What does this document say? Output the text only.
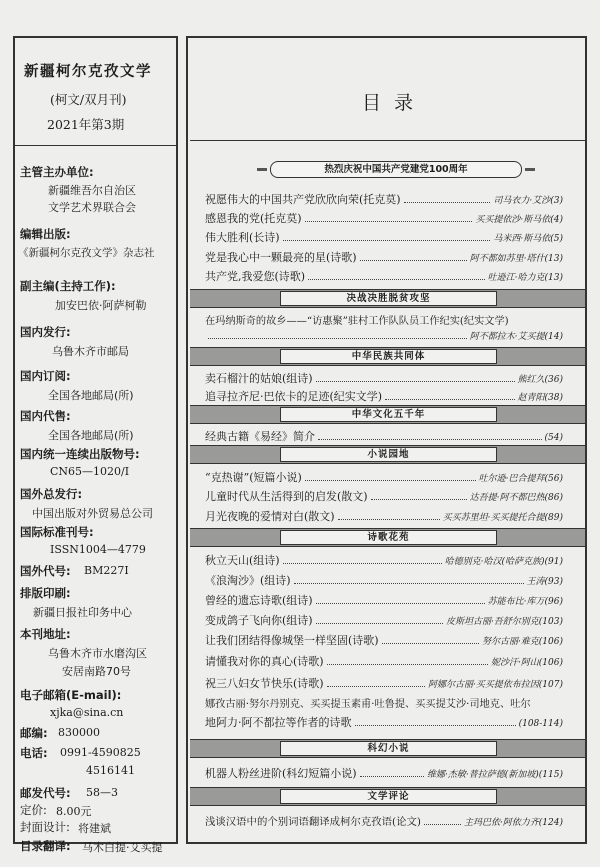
新疆柯尔克孜文学
(柯文/双月刊)
2021年第3期
主管主办单位:
新疆维吾尔自治区
文学艺术界联合会
编辑出版:
《新疆柯尔克孜文学》杂志社
副主编(主持工作):
加安巴依·阿萨柯勒
国内发行:
乌鲁木齐市邮局
国内订阅:
全国各地邮局(所)
国内代售:
全国各地邮局(所)
国内统一连续出版物号:
CN65—1020/I
国外总发行:
中国出版对外贸易总公司
国际标准刊号:
ISSN1004—4779
国外代号: BM227I
排版印刷:
新疆日报社印务中心
本刊地址:
乌鲁木齐市水磨沟区
安居南路70号
电子邮箱(E-mail):
xjka@sina.cn
邮编: 830000
电话: 0991-4590825
4516141
邮发代号: 58—3
定价: 8.00元
封面设计: 将建斌
目录翻译: 马木白提·艾买提
目录
热烈庆祝中国共产党建党100周年
决战决胜脱贫攻坚
中华民族共同体
中华文化五千年
小说园地
诗歌花苑
科幻小说
文学评论
祝愿伟大的中国共产党欣欣向荣(托克莫)	司马衣力·艾沙(3)
感恩我的党(托克莫)	买买提依沙·斯马依(4)
伟大胜利(长诗)	马米西·斯马依(5)
党是我心中一颗最亮的星(诗歌)	阿不都如苏里·塔什(13)
共产党,我爱您(诗歌)	吐逊江·哈力克(13)
在玛纳斯奇的故乡——“访惠聚”驻村工作队队员工作纪实(纪实文学)
阿不都拉木·艾买提(14)
卖石榴汁的姑娘(组诗)	熊红久(36)
追寻拉齐尼·巴依卡的足迹(纪实文学)	赵青阳(38)
经典古籍《易经》简介	(54)
“克热谢”(短篇小说)	吐尔逊·巴合提拜(56)
儿童时代从生活得到的启发(散文)	达吾提·阿不都巴热(86)
月光夜晚的爱情对白(散文)	买买苏里坦·买买提托合提(89)
秋立天山(组诗)	哈德别克·哈汉(哈萨克族)(91)
《浪淘沙》(组诗)	王涛(93)
曾经的遗忘诗歌(组诗)	苏能布比·库万(96)
变成鸽子飞向你(组诗)	皮斯坦古丽·吾舒尔别克(103)
让我们团结得像城堡一样坚固(诗歌)	努尔古丽·难克(106)
请懂我对你的真心(诗歌)	妮沙汗·阿山(106)
祝三八妇女节快乐(诗歌)	阿娜尔古丽·买买提依布拉因(107)
娜孜古丽·努尔丹别克、买买提玉素甫·吐鲁提、买买提艾沙·司地克、吐尔
地阿力·阿不都拉等作者的诗歌	(108-114)
机器人粉丝进阶(科幻短篇小说)	维娜·杰敏·普拉萨德(新加坡)(115)
浅谈汉语中的个别词语翻译成柯尔克孜语(论文)	主玛巴依·阿依力齐(124)
